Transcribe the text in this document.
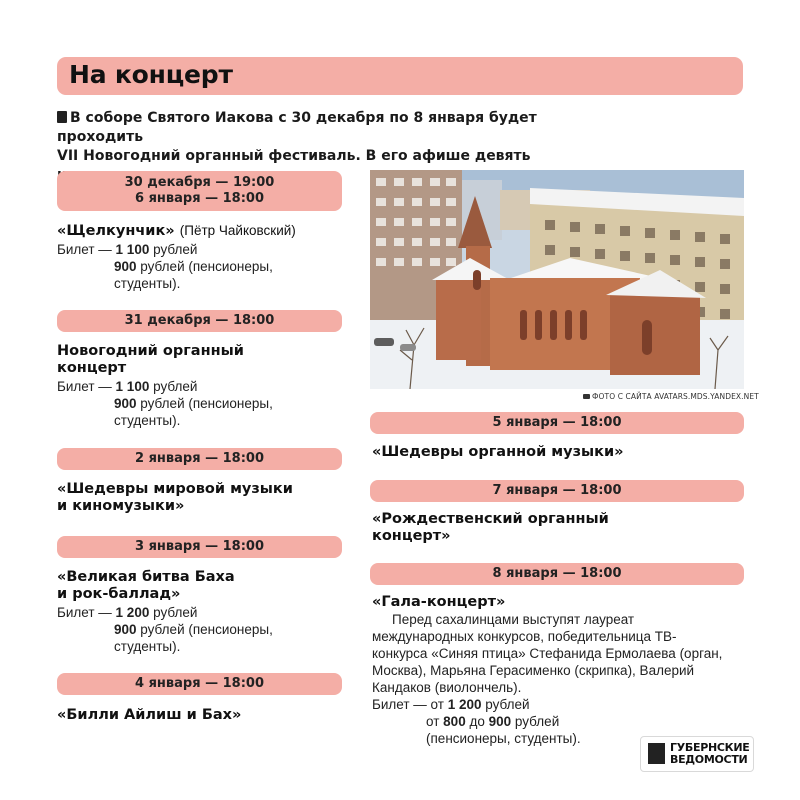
На концерт
В соборе Святого Иакова с 30 декабря по 8 января будет проходить
VII Новогодний органный фестиваль. В его афише девять
30 декабря — 19:00
6 января — 18:00
«Щелкунчик» (Пётр Чайковский)
Билет — 1 100 рублей
900 рублей (пенсионеры,
студенты).
31 декабря — 18:00
Новогодний органный
концерт
Билет — 1 100 рублей
900 рублей (пенсионеры,
студенты).
2 января — 18:00
«Шедевры мировой музыки
и киномузыки»
3 января — 18:00
«Великая битва Баха
и рок-баллад»
Билет — 1 200 рублей
900 рублей (пенсионеры,
студенты).
4 января — 18:00
«Билли Айлиш и Бах»
ФОТО С САЙТА AVATARS.MDS.YANDEX.NET
5 января — 18:00
«Шедевры органной музыки»
7 января — 18:00
«Рождественский органный
концерт»
8 января — 18:00
«Гала-концерт»
Перед сахалинцами выступят лауреат
международных конкурсов, победительница ТВ-
конкурса «Синяя птица» Стефанида Ермолаева (орган,
Москва), Марьяна Герасименко (скрипка), Валерий
Кандаков (виолончель).
Билет — от 1 200 рублей
от 800 до 900 рублей
(пенсионеры, студенты).
ГУБЕРНСКИЕ
ВЕДОМОСТИ
